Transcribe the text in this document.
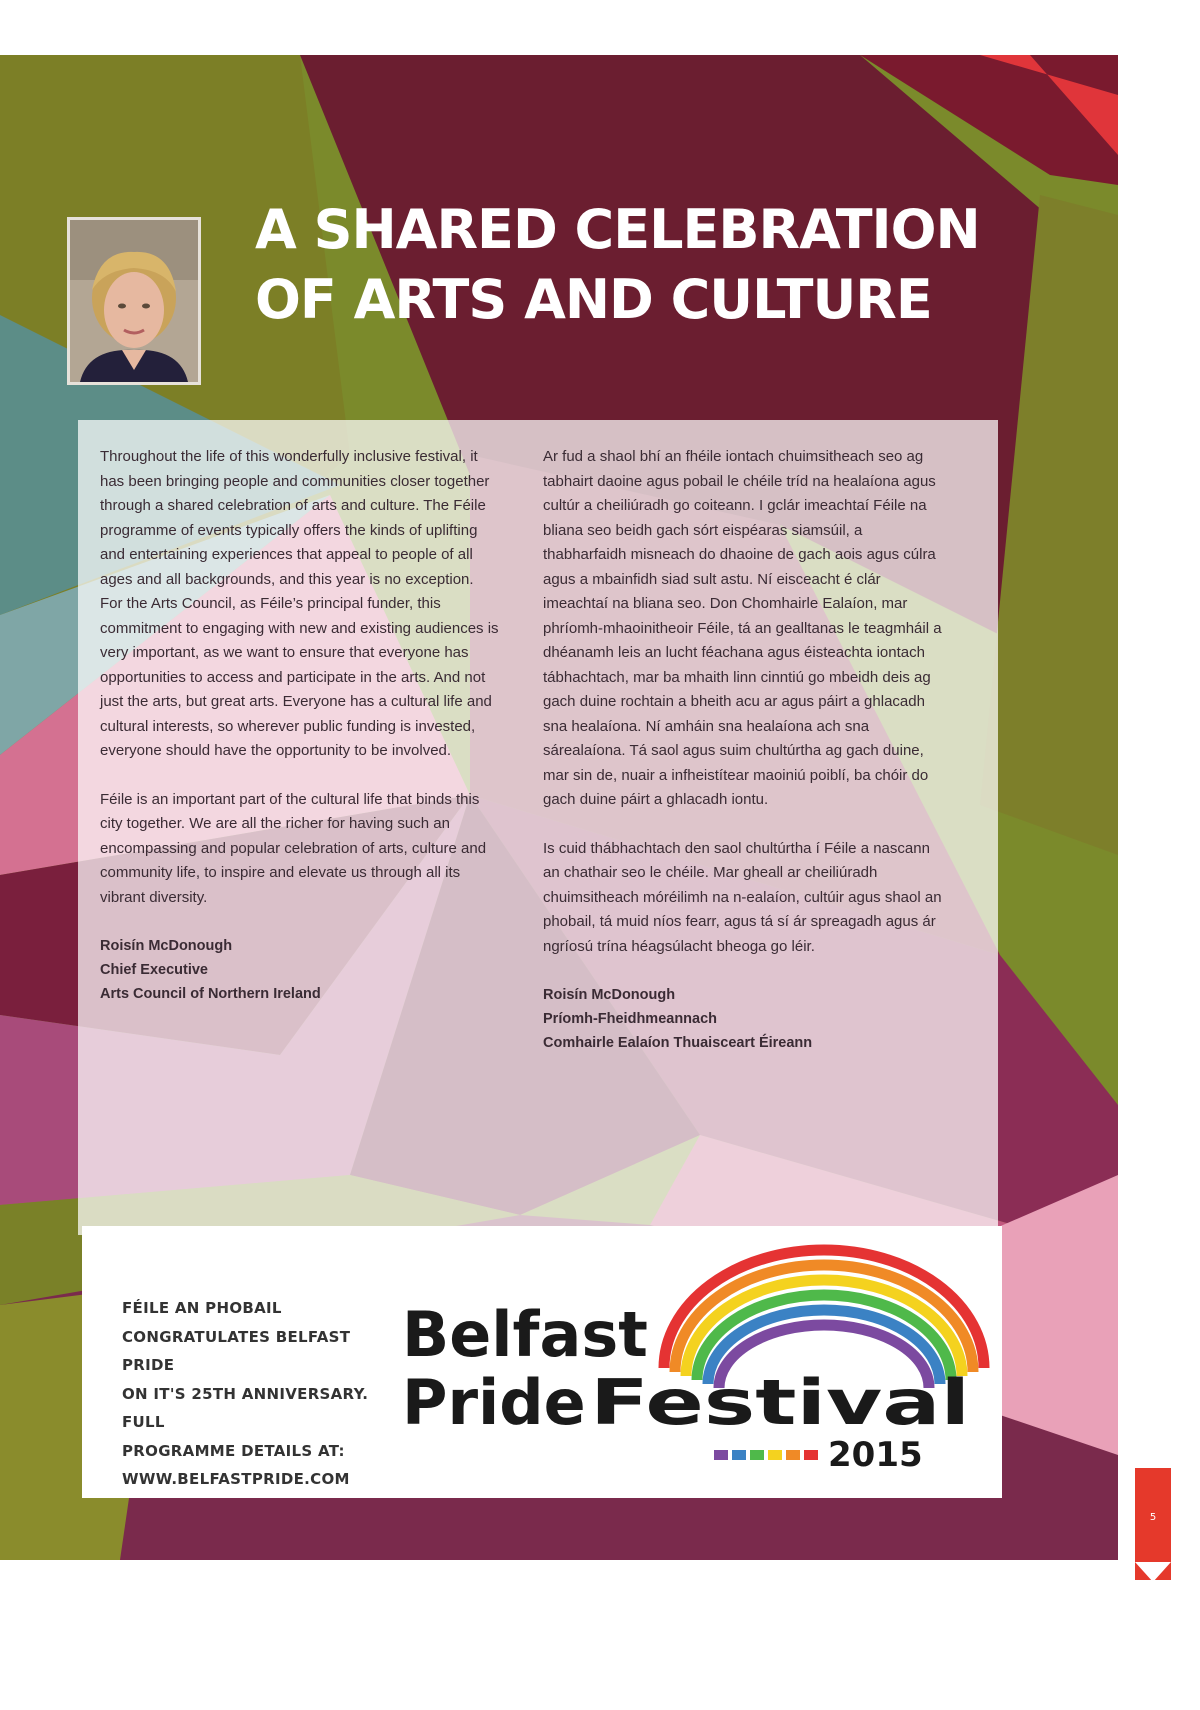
A SHARED CELEBRATION
OF ARTS AND CULTURE

Throughout the life of this wonderfully inclusive festival, it has been bringing people and communities closer together through a shared celebration of arts and culture. The Féile programme of events typically offers the kinds of uplifting and entertaining experiences that appeal to people of all ages and all backgrounds, and this year is no exception. For the Arts Council, as Féile’s principal funder, this commitment to engaging with new and existing audiences is very important, as we want to ensure that everyone has opportunities to access and participate in the arts. And not just the arts, but great arts. Everyone has a cultural life and cultural interests, so wherever public funding is invested, everyone should have the opportunity to be involved.

Féile is an important part of the cultural life that binds this city together. We are all the richer for having such an encompassing and popular celebration of arts, culture and community life, to inspire and elevate us through all its vibrant diversity.

Roisín McDonough
Chief Executive
Arts Council of Northern Ireland

Ar fud a shaol bhí an fhéile iontach chuimsitheach seo ag tabhairt daoine agus pobail le chéile tríd na healaíona agus cultúr a cheiliúradh go coiteann. I gclár imeachtaí Féile na bliana seo beidh gach sórt eispéaras siamsúil, a thabharfaidh misneach do dhaoine de gach aois agus cúlra agus a mbainfidh siad sult astu. Ní eisceacht é clár imeachtaí na bliana seo. Don Chomhairle Ealaíon, mar phríomh-mhaoinitheoir Féile, tá an gealltanas le teagmháil a dhéanamh leis an lucht féachana agus éisteachta iontach tábhachtach, mar ba mhaith linn cinntiú go mbeidh deis ag gach duine rochtain a bheith acu ar agus páirt a ghlacadh sna healaíona. Ní amháin sna healaíona ach sna sárealaíona. Tá saol agus suim chultúrtha ag gach duine, mar sin de, nuair a infheistítear maoiniú poiblí, ba chóir do gach duine páirt a ghlacadh iontu.

Is cuid thábhachtach den saol chultúrtha í Féile a nascann an chathair seo le chéile. Mar gheall ar cheiliúradh chuimsitheach móréilimh na n-ealaíon, cultúir agus shaol an phobail, tá muid níos fearr, agus tá sí ár spreagadh agus ár ngríosú trína héagsúlacht bheoga go léir.

Roisín McDonough
Príomh-Fheidhmeannach
Comhairle Ealaíon Thuaisceart Éireann
FÉILE AN PHOBAIL
CONGRATULATES BELFAST PRIDE
ON IT'S 25TH ANNIVERSARY. FULL
PROGRAMME DETAILS AT:
WWW.BELFASTPRIDE.COM
Belfast
Pride Festival
2015
5
